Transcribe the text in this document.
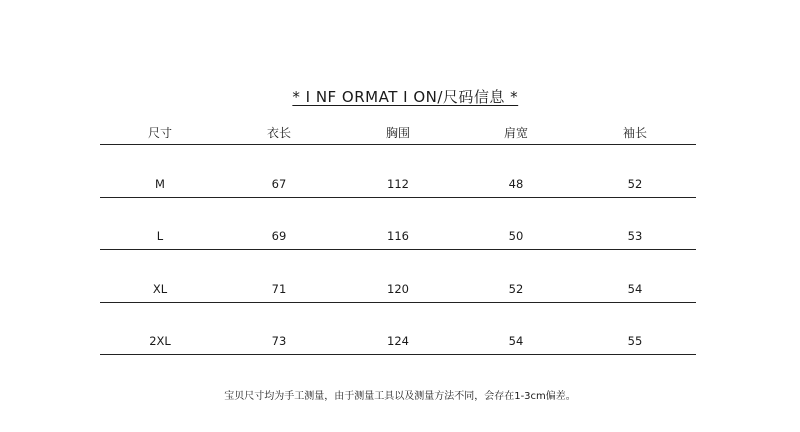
* I NF ORMAT I ON/尺码信息 *

尺寸	衣长	胸围	肩宽	袖长
M	67	112	48	52
L	69	116	50	53
XL	71	120	52	54
2XL	73	124	54	55
宝贝尺寸均为手工测量，由于测量工具以及测量方法不同，会存在1-3cm偏差。
